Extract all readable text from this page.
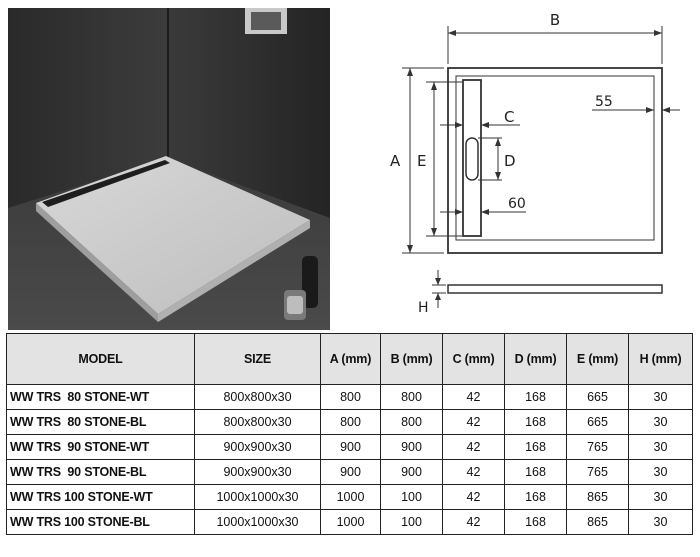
B
A E
C
D
60
55
H
MODEL	SIZE	A (mm)	B (mm)	C (mm)	D (mm)	E (mm)	H (mm)
WW TRS  80 STONE-WT	800x800x30	800	800	42	168	665	30
WW TRS  80 STONE-BL	800x800x30	800	800	42	168	665	30
WW TRS  90 STONE-WT	900x900x30	900	900	42	168	765	30
WW TRS  90 STONE-BL	900x900x30	900	900	42	168	765	30
WW TRS 100 STONE-WT	1000x1000x30	1000	100	42	168	865	30
WW TRS 100 STONE-BL	1000x1000x30	1000	100	42	168	865	30
